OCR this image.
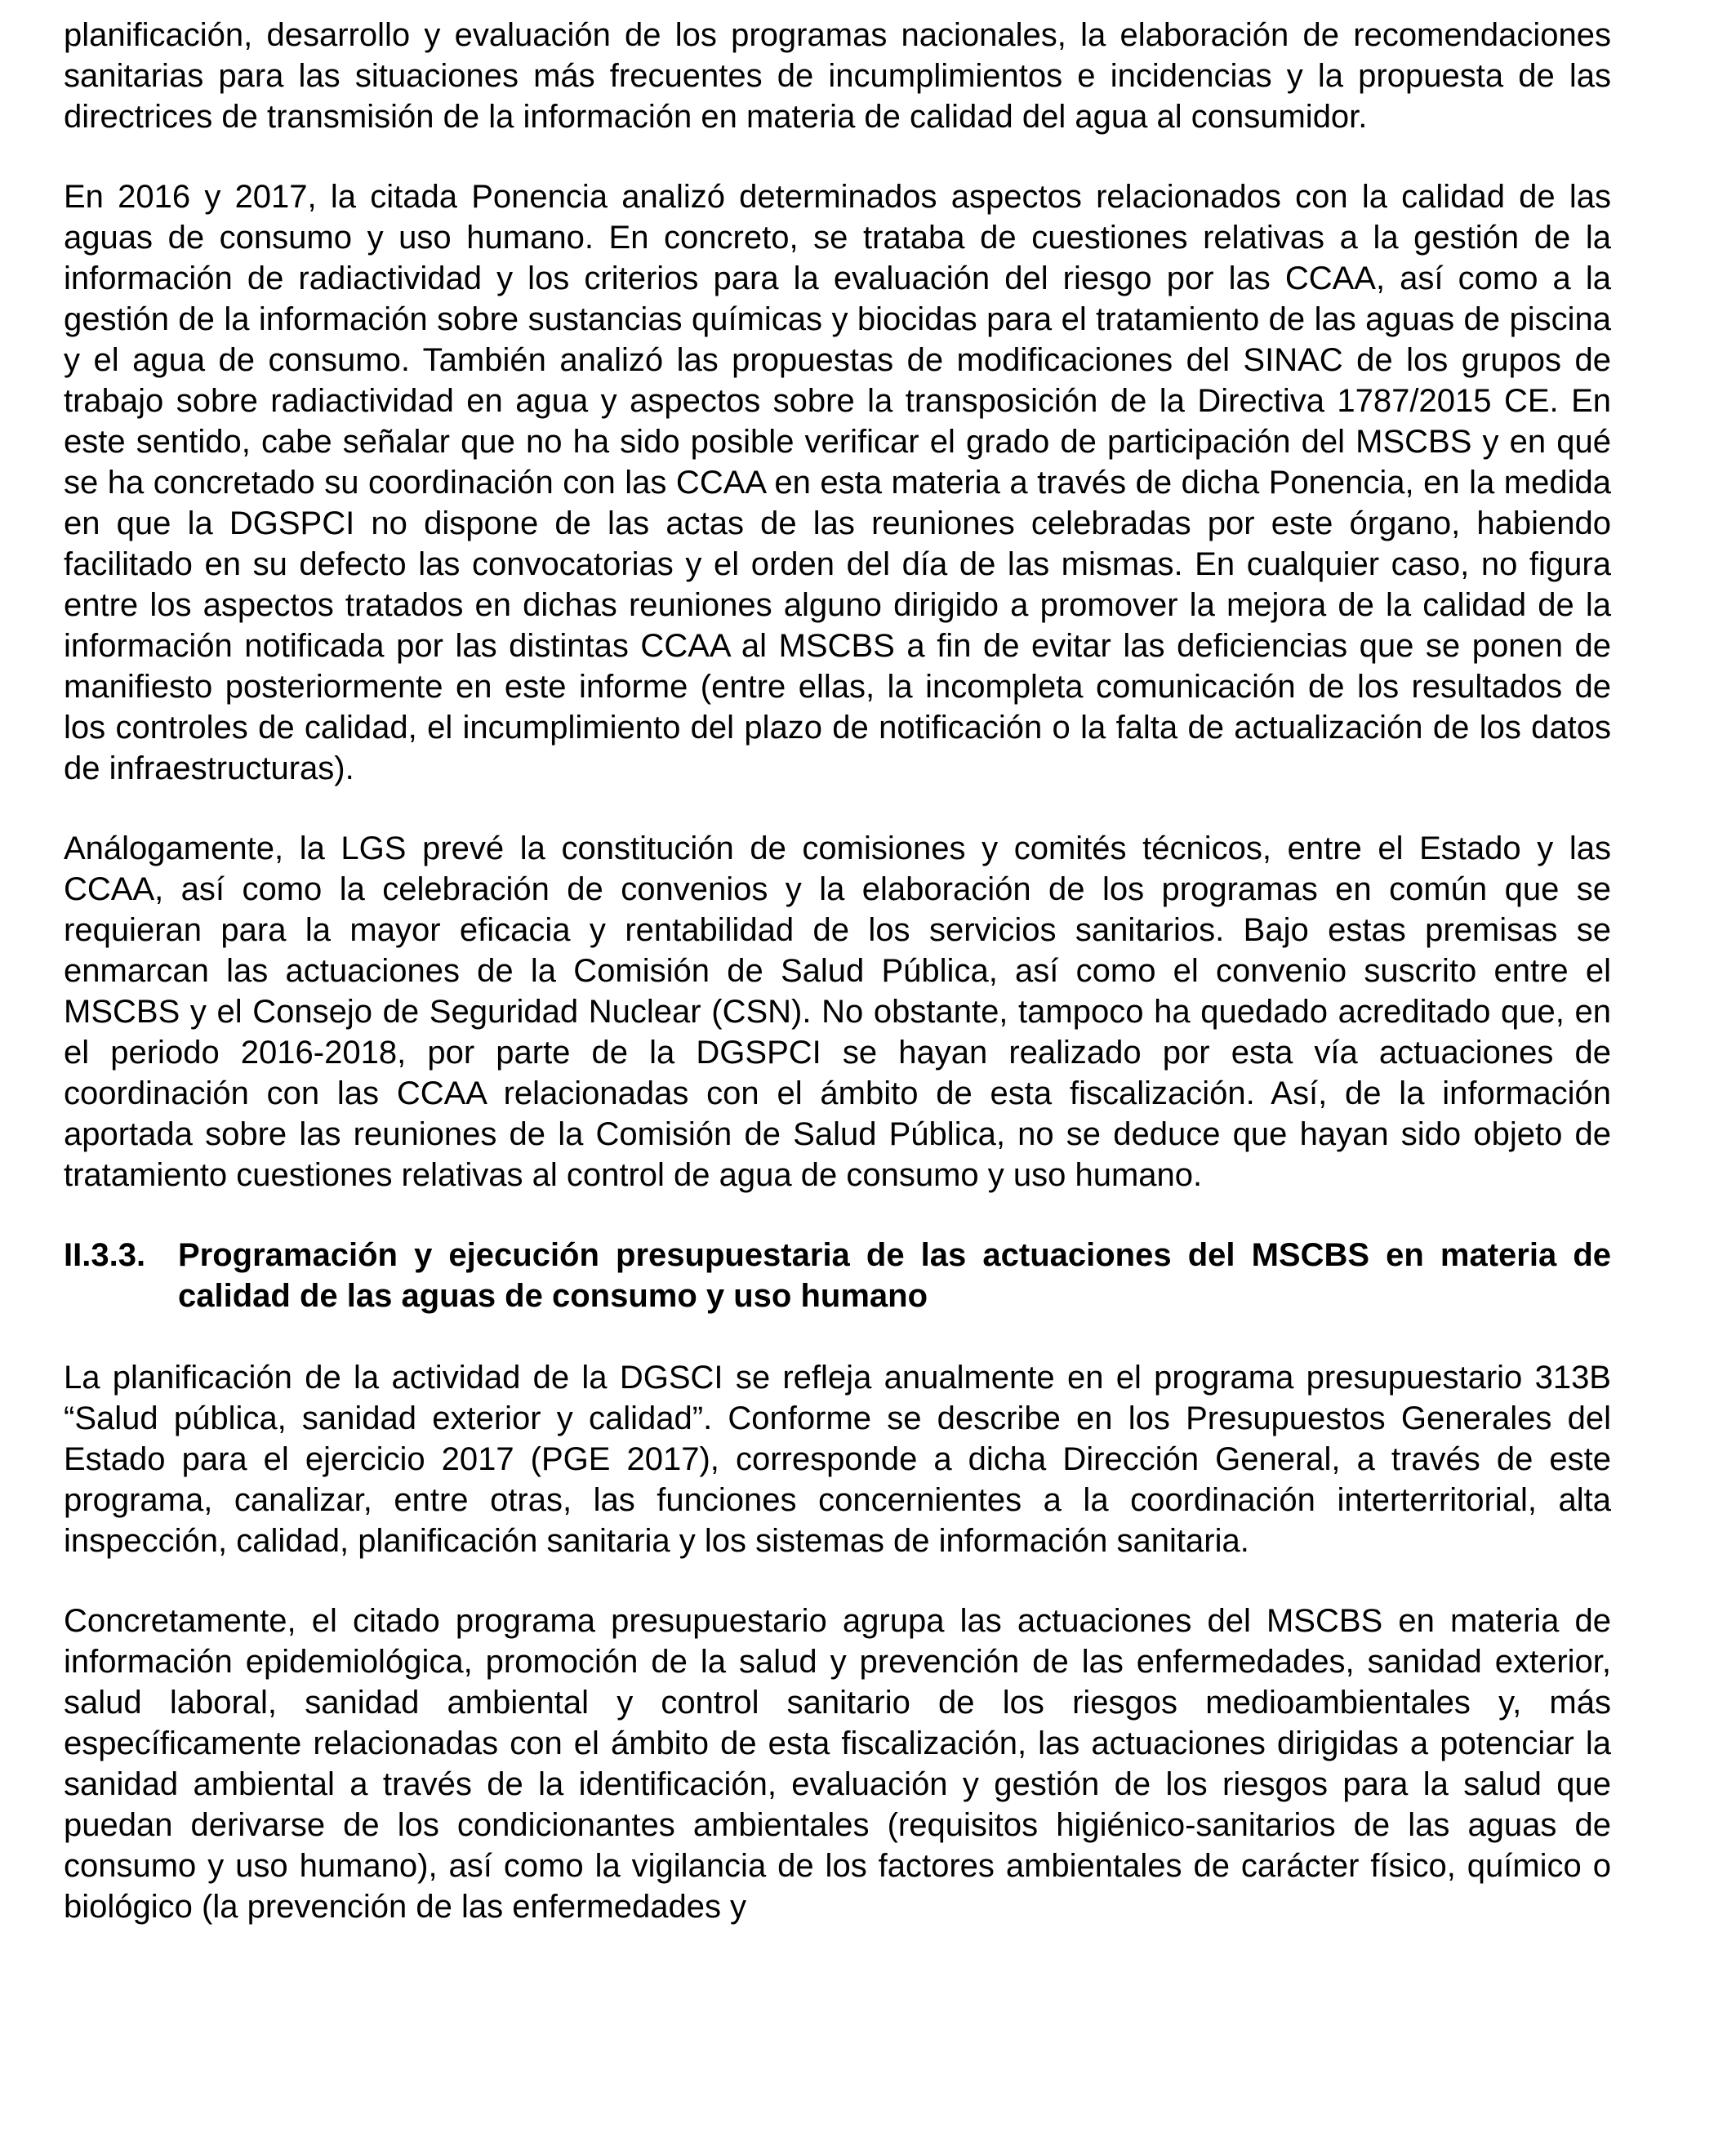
planificación, desarrollo y evaluación de los programas nacionales, la elaboración de recomendaciones sanitarias para las situaciones más frecuentes de incumplimientos e incidencias y la propuesta de las directrices de transmisión de la información en materia de calidad del agua al consumidor.

En 2016 y 2017, la citada Ponencia analizó determinados aspectos relacionados con la calidad de las aguas de consumo y uso humano. En concreto, se trataba de cuestiones relativas a la gestión de la información de radiactividad y los criterios para la evaluación del riesgo por las CCAA, así como a la gestión de la información sobre sustancias químicas y biocidas para el tratamiento de las aguas de piscina y el agua de consumo. También analizó las propuestas de modificaciones del SINAC de los grupos de trabajo sobre radiactividad en agua y aspectos sobre la transposición de la Directiva 1787/2015 CE. En este sentido, cabe señalar que no ha sido posible verificar el grado de participación del MSCBS y en qué se ha concretado su coordinación con las CCAA en esta materia a través de dicha Ponencia, en la medida en que la DGSPCI no dispone de las actas de las reuniones celebradas por este órgano, habiendo facilitado en su defecto las convocatorias y el orden del día de las mismas. En cualquier caso, no figura entre los aspectos tratados en dichas reuniones alguno dirigido a promover la mejora de la calidad de la información notificada por las distintas CCAA al MSCBS a fin de evitar las deficiencias que se ponen de manifiesto posteriormente en este informe (entre ellas, la incompleta comunicación de los resultados de los controles de calidad, el incumplimiento del plazo de notificación o la falta de actualización de los datos de infraestructuras).

Análogamente, la LGS prevé la constitución de comisiones y comités técnicos, entre el Estado y las CCAA, así como la celebración de convenios y la elaboración de los programas en común que se requieran para la mayor eficacia y rentabilidad de los servicios sanitarios. Bajo estas premisas se enmarcan las actuaciones de la Comisión de Salud Pública, así como el convenio suscrito entre el MSCBS y el Consejo de Seguridad Nuclear (CSN). No obstante, tampoco ha quedado acreditado que, en el periodo 2016-2018, por parte de la DGSPCI se hayan realizado por esta vía actuaciones de coordinación con las CCAA relacionadas con el ámbito de esta fiscalización. Así, de la información aportada sobre las reuniones de la Comisión de Salud Pública, no se deduce que hayan sido objeto de tratamiento cuestiones relativas al control de agua de consumo y uso humano.

II.3.3. Programación y ejecución presupuestaria de las actuaciones del MSCBS en materia de calidad de las aguas de consumo y uso humano

La planificación de la actividad de la DGSCI se refleja anualmente en el programa presupuestario 313B “Salud pública, sanidad exterior y calidad”. Conforme se describe en los Presupuestos Generales del Estado para el ejercicio 2017 (PGE 2017), corresponde a dicha Dirección General, a través de este programa, canalizar, entre otras, las funciones concernientes a la coordinación interterritorial, alta inspección, calidad, planificación sanitaria y los sistemas de información sanitaria.

Concretamente, el citado programa presupuestario agrupa las actuaciones del MSCBS en materia de información epidemiológica, promoción de la salud y prevención de las enfermedades, sanidad exterior, salud laboral, sanidad ambiental y control sanitario de los riesgos medioambientales y, más específicamente relacionadas con el ámbito de esta fiscalización, las actuaciones dirigidas a potenciar la sanidad ambiental a través de la identificación, evaluación y gestión de los riesgos para la salud que puedan derivarse de los condicionantes ambientales (requisitos higiénico-sanitarios de las aguas de consumo y uso humano), así como la vigilancia de los factores ambientales de carácter físico, químico o biológico (la prevención de las enfermedades y
